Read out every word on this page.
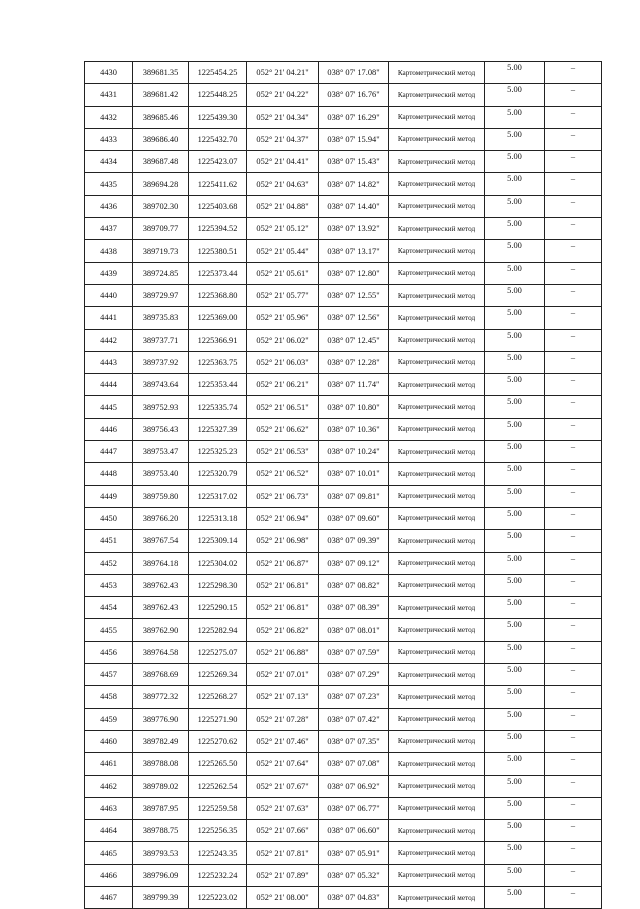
4430	389681.35	1225454.25	052° 21' 04.21"	038° 07' 17.08"	Картометрический метод	5.00	–
4431	389681.42	1225448.25	052° 21' 04.22"	038° 07' 16.76"	Картометрический метод	5.00	–
4432	389685.46	1225439.30	052° 21' 04.34"	038° 07' 16.29"	Картометрический метод	5.00	–
4433	389686.40	1225432.70	052° 21' 04.37"	038° 07' 15.94"	Картометрический метод	5.00	–
4434	389687.48	1225423.07	052° 21' 04.41"	038° 07' 15.43"	Картометрический метод	5.00	–
4435	389694.28	1225411.62	052° 21' 04.63"	038° 07' 14.82"	Картометрический метод	5.00	–
4436	389702.30	1225403.68	052° 21' 04.88"	038° 07' 14.40"	Картометрический метод	5.00	–
4437	389709.77	1225394.52	052° 21' 05.12"	038° 07' 13.92"	Картометрический метод	5.00	–
4438	389719.73	1225380.51	052° 21' 05.44"	038° 07' 13.17"	Картометрический метод	5.00	–
4439	389724.85	1225373.44	052° 21' 05.61"	038° 07' 12.80"	Картометрический метод	5.00	–
4440	389729.97	1225368.80	052° 21' 05.77"	038° 07' 12.55"	Картометрический метод	5.00	–
4441	389735.83	1225369.00	052° 21' 05.96"	038° 07' 12.56"	Картометрический метод	5.00	–
4442	389737.71	1225366.91	052° 21' 06.02"	038° 07' 12.45"	Картометрический метод	5.00	–
4443	389737.92	1225363.75	052° 21' 06.03"	038° 07' 12.28"	Картометрический метод	5.00	–
4444	389743.64	1225353.44	052° 21' 06.21"	038° 07' 11.74"	Картометрический метод	5.00	–
4445	389752.93	1225335.74	052° 21' 06.51"	038° 07' 10.80"	Картометрический метод	5.00	–
4446	389756.43	1225327.39	052° 21' 06.62"	038° 07' 10.36"	Картометрический метод	5.00	–
4447	389753.47	1225325.23	052° 21' 06.53"	038° 07' 10.24"	Картометрический метод	5.00	–
4448	389753.40	1225320.79	052° 21' 06.52"	038° 07' 10.01"	Картометрический метод	5.00	–
4449	389759.80	1225317.02	052° 21' 06.73"	038° 07' 09.81"	Картометрический метод	5.00	–
4450	389766.20	1225313.18	052° 21' 06.94"	038° 07' 09.60"	Картометрический метод	5.00	–
4451	389767.54	1225309.14	052° 21' 06.98"	038° 07' 09.39"	Картометрический метод	5.00	–
4452	389764.18	1225304.02	052° 21' 06.87"	038° 07' 09.12"	Картометрический метод	5.00	–
4453	389762.43	1225298.30	052° 21' 06.81"	038° 07' 08.82"	Картометрический метод	5.00	–
4454	389762.43	1225290.15	052° 21' 06.81"	038° 07' 08.39"	Картометрический метод	5.00	–
4455	389762.90	1225282.94	052° 21' 06.82"	038° 07' 08.01"	Картометрический метод	5.00	–
4456	389764.58	1225275.07	052° 21' 06.88"	038° 07' 07.59"	Картометрический метод	5.00	–
4457	389768.69	1225269.34	052° 21' 07.01"	038° 07' 07.29"	Картометрический метод	5.00	–
4458	389772.32	1225268.27	052° 21' 07.13"	038° 07' 07.23"	Картометрический метод	5.00	–
4459	389776.90	1225271.90	052° 21' 07.28"	038° 07' 07.42"	Картометрический метод	5.00	–
4460	389782.49	1225270.62	052° 21' 07.46"	038° 07' 07.35"	Картометрический метод	5.00	–
4461	389788.08	1225265.50	052° 21' 07.64"	038° 07' 07.08"	Картометрический метод	5.00	–
4462	389789.02	1225262.54	052° 21' 07.67"	038° 07' 06.92"	Картометрический метод	5.00	–
4463	389787.95	1225259.58	052° 21' 07.63"	038° 07' 06.77"	Картометрический метод	5.00	–
4464	389788.75	1225256.35	052° 21' 07.66"	038° 07' 06.60"	Картометрический метод	5.00	–
4465	389793.53	1225243.35	052° 21' 07.81"	038° 07' 05.91"	Картометрический метод	5.00	–
4466	389796.09	1225232.24	052° 21' 07.89"	038° 07' 05.32"	Картометрический метод	5.00	–
4467	389799.39	1225223.02	052° 21' 08.00"	038° 07' 04.83"	Картометрический метод	5.00	–
